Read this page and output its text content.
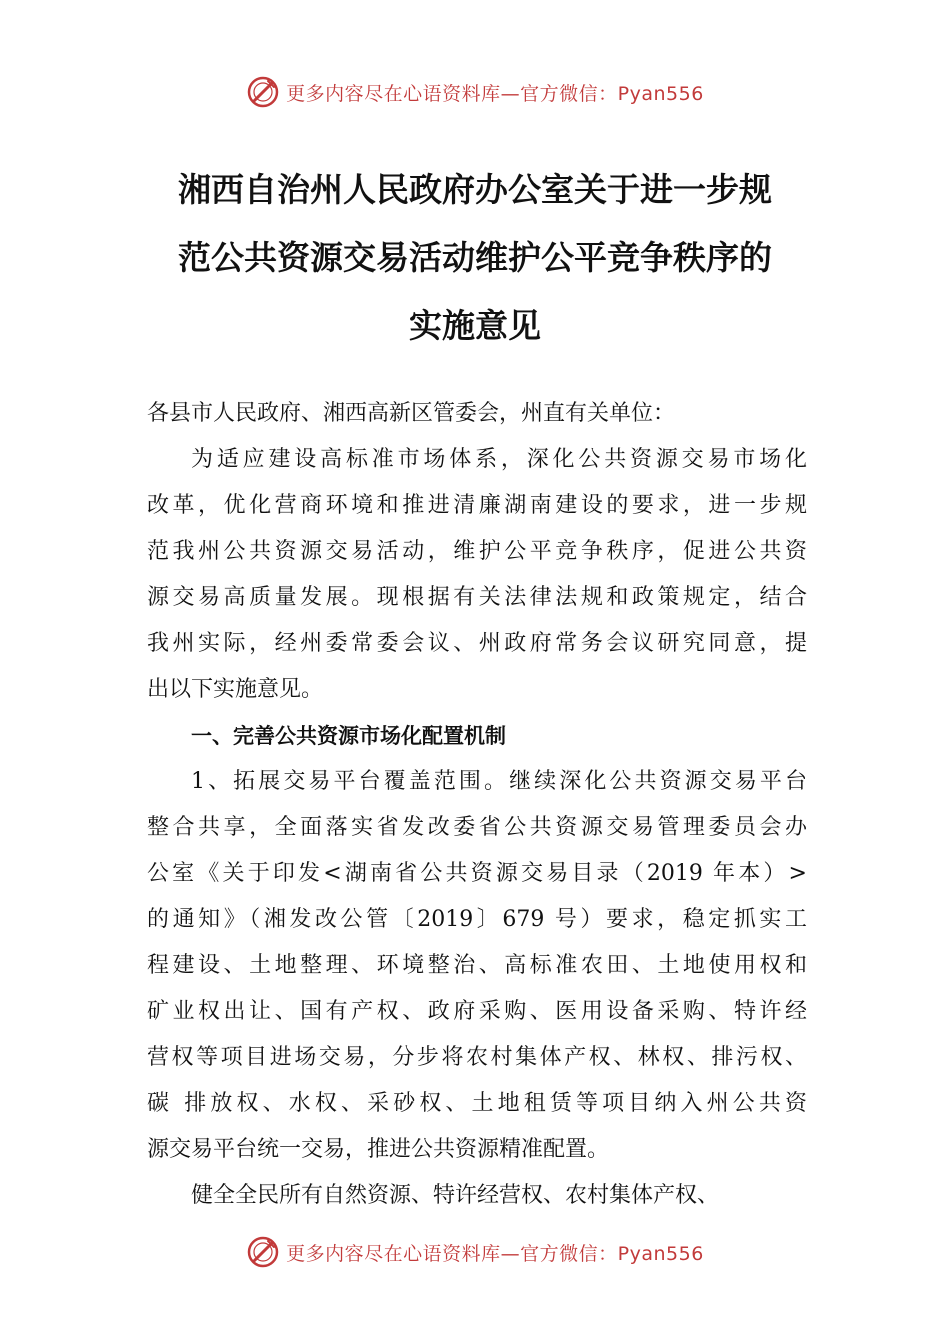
更多内容尽在心语资料库—官方微信：Pyan556
湘西自治州人民政府办公室关于进一步规
范公共资源交易活动维护公平竞争秩序的
实施意见
各县市人民政府、湘西高新区管委会，州直有关单位：
为适应建设高标准市场体系，深化公共资源交易市场化
改革，优化营商环境和推进清廉湖南建设的要求，进一步规
范我州公共资源交易活动，维护公平竞争秩序，促进公共资
源交易高质量发展。现根据有关法律法规和政策规定，结合
我州实际，经州委常委会议、州政府常务会议研究同意，提
出以下实施意见。
一、完善公共资源市场化配置机制
1、拓展交易平台覆盖范围。继续深化公共资源交易平台
整合共享，全面落实省发改委省公共资源交易管理委员会办
公室《关于印发<湖南省公共资源交易目录（2019 年本）>
的通知》（湘发改公管〔2019〕679 号）要求，稳定抓实工
程建设、土地整理、环境整治、高标准农田、土地使用权和
矿业权出让、国有产权、政府采购、医用设备采购、特许经
营权等项目进场交易，分步将农村集体产权、林权、排污权、
碳 排放权、水权、采砂权、土地租赁等项目纳入州公共资
源交易平台统一交易，推进公共资源精准配置。
健全全民所有自然资源、特许经营权、农村集体产权、
更多内容尽在心语资料库—官方微信：Pyan556
